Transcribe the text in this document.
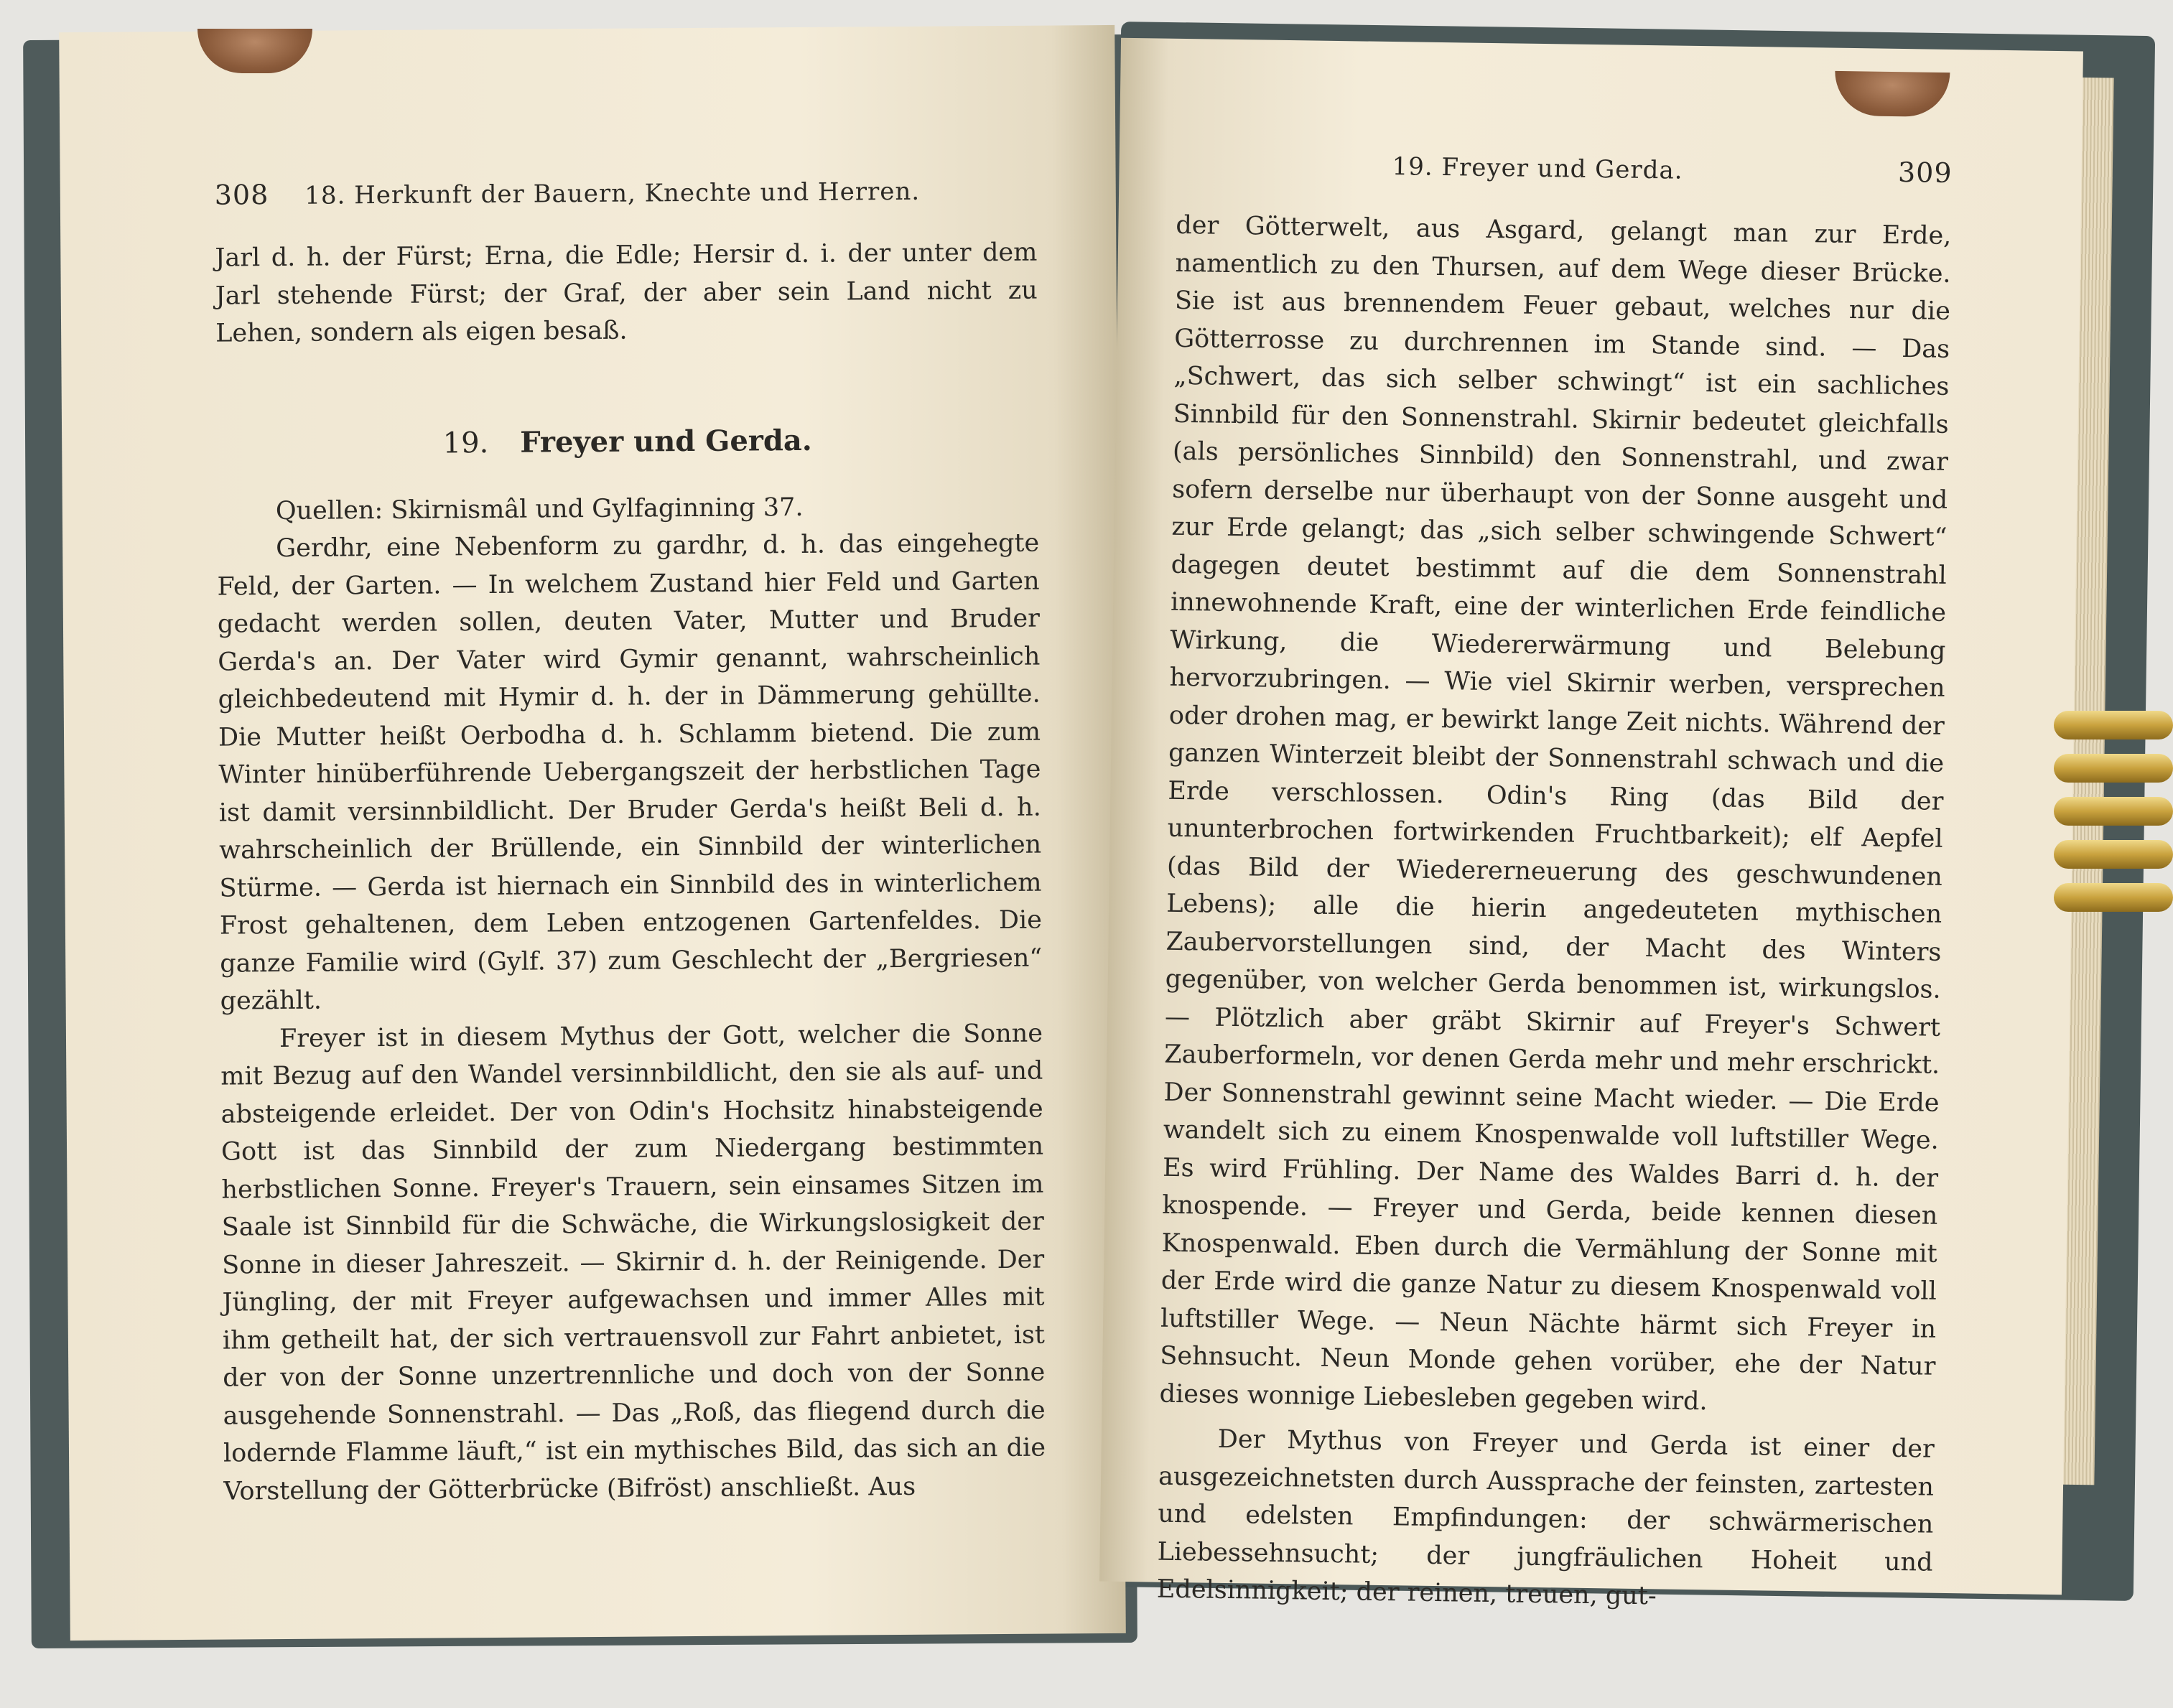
308 18. Herkunft der Bauern, Knechte und Herren.

Jarl d. h. der Fürst; Erna, die Edle; Hersir d. i. der unter dem Jarl stehende Fürst; der Graf, der aber sein Land nicht zu Lehen, sondern als eigen besaß.

19. Freyer und Gerda.

Quellen: Skirnismâl und Gylfaginning 37.

Gerdhr, eine Nebenform zu gardhr, d. h. das eingehegte Feld, der Garten. — In welchem Zustand hier Feld und Garten gedacht werden sollen, deuten Vater, Mutter und Bruder Gerda's an. Der Vater wird Gymir genannt, wahrscheinlich gleichbedeutend mit Hymir d. h. der in Dämmerung gehüllte. Die Mutter heißt Oerbodha d. h. Schlamm bietend. Die zum Winter hinüberführende Uebergangszeit der herbstlichen Tage ist damit versinnbildlicht. Der Bruder Gerda's heißt Beli d. h. wahrscheinlich der Brüllende, ein Sinnbild der winterlichen Stürme. — Gerda ist hiernach ein Sinnbild des in winterlichem Frost gehaltenen, dem Leben entzogenen Gartenfeldes. Die ganze Familie wird (Gylf. 37) zum Geschlecht der „Bergriesen“ gezählt.

Freyer ist in diesem Mythus der Gott, welcher die Sonne mit Bezug auf den Wandel versinnbildlicht, den sie als auf- und absteigende erleidet. Der von Odin's Hochsitz hinabsteigende Gott ist das Sinnbild der zum Niedergang bestimmten herbstlichen Sonne. Freyer's Trauern, sein einsames Sitzen im Saale ist Sinnbild für die Schwäche, die Wirkungslosigkeit der Sonne in dieser Jahreszeit. — Skirnir d. h. der Reinigende. Der Jüngling, der mit Freyer aufgewachsen und immer Alles mit ihm getheilt hat, der sich vertrauensvoll zur Fahrt anbietet, ist der von der Sonne unzertrennliche und doch von der Sonne ausgehende Sonnenstrahl. — Das „Roß, das fliegend durch die lodernde Flamme läuft,“ ist ein mythisches Bild, das sich an die Vorstellung der Götterbrücke (Bifröst) anschließt. Aus

19. Freyer und Gerda.	309

der Götterwelt, aus Asgard, gelangt man zur Erde, namentlich zu den Thursen, auf dem Wege dieser Brücke. Sie ist aus brennendem Feuer gebaut, welches nur die Götterrosse zu durchrennen im Stande sind. — Das „Schwert, das sich selber schwingt“ ist ein sachliches Sinnbild für den Sonnenstrahl. Skirnir bedeutet gleichfalls (als persönliches Sinnbild) den Sonnenstrahl, und zwar sofern derselbe nur überhaupt von der Sonne ausgeht und zur Erde gelangt; das „sich selber schwingende Schwert“ dagegen deutet bestimmt auf die dem Sonnenstrahl innewohnende Kraft, eine der winterlichen Erde feindliche Wirkung, die Wiedererwärmung und Belebung hervorzubringen. — Wie viel Skirnir werben, versprechen oder drohen mag, er bewirkt lange Zeit nichts. Während der ganzen Winterzeit bleibt der Sonnenstrahl schwach und die Erde verschlossen. Odin's Ring (das Bild der ununterbrochen fortwirkenden Fruchtbarkeit); elf Aepfel (das Bild der Wiedererneuerung des geschwundenen Lebens); alle die hierin angedeuteten mythischen Zaubervorstellungen sind, der Macht des Winters gegenüber, von welcher Gerda benommen ist, wirkungslos. — Plötzlich aber gräbt Skirnir auf Freyer's Schwert Zauberformeln, vor denen Gerda mehr und mehr erschrickt. Der Sonnenstrahl gewinnt seine Macht wieder. — Die Erde wandelt sich zu einem Knospenwalde voll luftstiller Wege. Es wird Frühling. Der Name des Waldes Barri d. h. der knospende. — Freyer und Gerda, beide kennen diesen Knospenwald. Eben durch die Vermählung der Sonne mit der Erde wird die ganze Natur zu diesem Knospenwald voll luftstiller Wege. — Neun Nächte härmt sich Freyer in Sehnsucht. Neun Monde gehen vorüber, ehe der Natur dieses wonnige Liebesleben gegeben wird.

Der Mythus von Freyer und Gerda ist einer der ausgezeichnetsten durch Aussprache der feinsten, zartesten und edelsten Empfindungen: der schwärmerischen Liebessehnsucht; der jungfräulichen Hoheit und Edelsinnigkeit; der reinen, treuen, gut-
